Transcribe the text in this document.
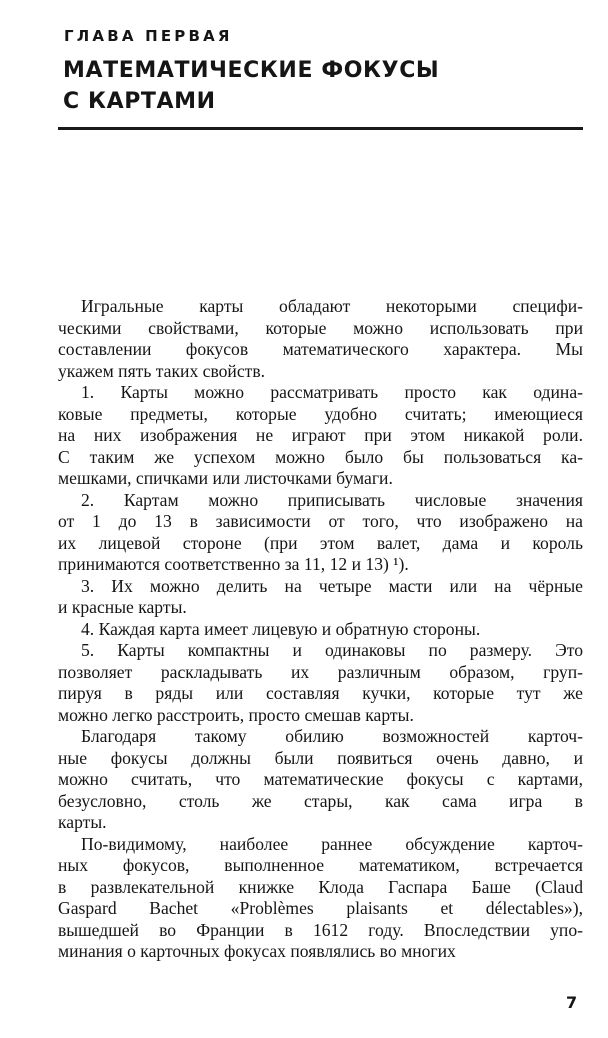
ГЛАВА ПЕРВАЯ
МАТЕМАТИЧЕСКИЕ ФОКУСЫ
С КАРТАМИ

Игральные карты обладают некоторыми специфи-
ческими свойствами, которые можно использовать при
составлении фокусов математического характера. Мы
укажем пять таких свойств.

1. Карты можно рассматривать просто как одина-
ковые предметы, которые удобно считать; имеющиеся
на них изображения не играют при этом никакой роли.
С таким же успехом можно было бы пользоваться ка-
мешками, спичками или листочками бумаги.

2. Картам можно приписывать числовые значения
от 1 до 13 в зависимости от того, что изображено на
их лицевой стороне (при этом валет, дама и король
принимаются соответственно за 11, 12 и 13) ¹).

3. Их можно делить на четыре масти или на чёрные
и красные карты.

4. Каждая карта имеет лицевую и обратную стороны.

5. Карты компактны и одинаковы по размеру. Это
позволяет раскладывать их различным образом, груп-
пируя в ряды или составляя кучки, которые тут же
можно легко расстроить, просто смешав карты.

Благодаря такому обилию возможностей карточ-
ные фокусы должны были появиться очень давно, и
можно считать, что математические фокусы с картами,
безусловно, столь же стары, как сама игра в
карты.

По-видимому, наиболее раннее обсуждение карточ-
ных фокусов, выполненное математиком, встречается
в развлекательной книжке Клода Гаспара Баше (Claud
Gaspard Bachet «Problèmes plaisants et délectables»),
вышедшей во Франции в 1612 году. Впоследствии упо-
минания о карточных фокусах появлялись во многих

7
